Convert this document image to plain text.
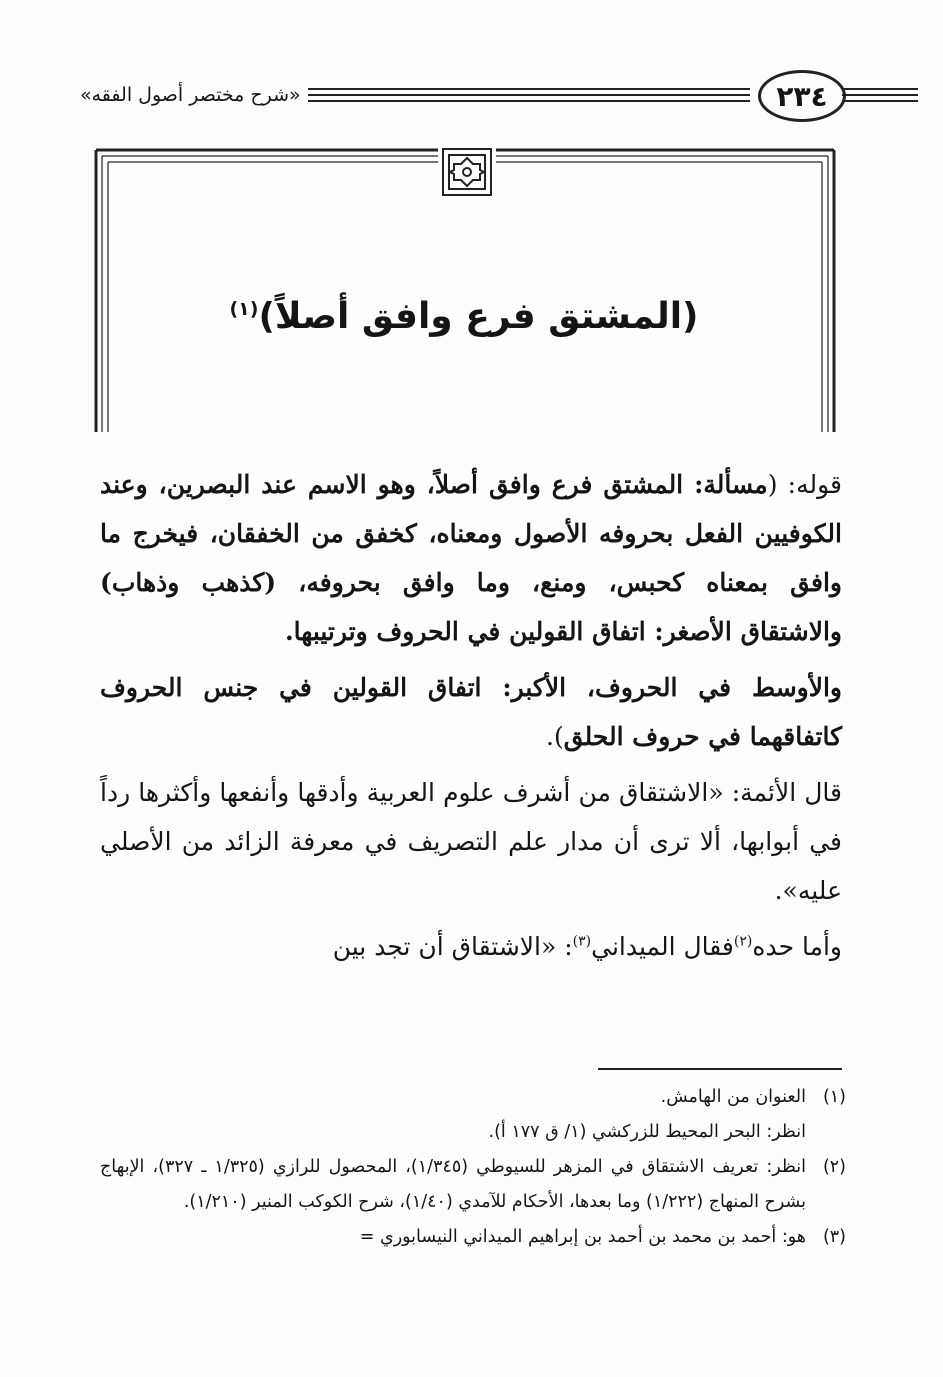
«شرح مختصر أصول الفقه»	٢٣٤
(المشتق فرع وافق أصلاً)$^{(١)}$

قوله: (مسألة: المشتق فرع وافق أصلاً، وهو الاسم عند البصرين، وعند الكوفيين الفعل بحروفه الأصول ومعناه، كخفق من الخفقان، فيخرج ما وافق بمعناه كحبس، ومنع، وما وافق بحروفه، (كذهب وذهاب) والاشتقاق الأصغر: اتفاق القولين في الحروف وترتيبها.

والأوسط في الحروف، الأكبر: اتفاق القولين في جنس الحروف كاتفاقهما في حروف الحلق).

قال الأئمة: «الاشتقاق من أشرف علوم العربية وأدقها وأنفعها وأكثرها رداً في أبوابها، ألا ترى أن مدار علم التصريف في معرفة الزائد من الأصلي عليه».

وأما حده$^{(٢)}$فقال الميداني$^{(٣)}$: «الاشتقاق أن تجد بين

(١)
العنوان من الهامش.
انظر: البحر المحيط للزركشي (١/ ق ١٧٧ أ).
(٢)
انظر: تعريف الاشتقاق في المزهر للسيوطي (١/٣٤٥)، المحصول للرازي (١/٣٢٥ ـ ٣٢٧)، الإبهاج بشرح المنهاج (١/٢٢٢) وما بعدها، الأحكام للآمدي (١/٤٠)، شرح الكوكب المنير (١/٢١٠).
(٣)
هو: أحمد بن محمد بن أحمد بن إبراهيم الميداني النيسابوري =
